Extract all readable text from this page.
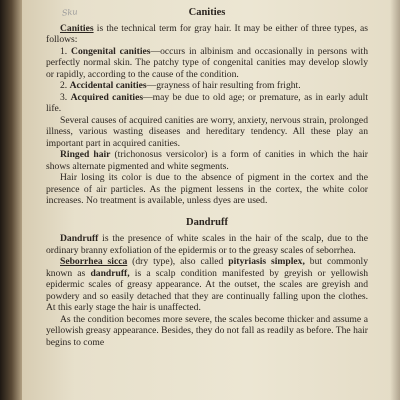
Sku	Canities

Canities is the technical term for gray hair. It may be either of three types, as follows:

1. Congenital canities—occurs in albinism and occasionally in persons with perfectly normal skin. The patchy type of congenital canities may develop slowly or rapidly, according to the cause of the condition.

2. Accidental canities—grayness of hair resulting from fright.

3. Acquired canities—may be due to old age; or premature, as in early adult life.

Several causes of acquired canities are worry, anxiety, nervous strain, prolonged illness, various wasting diseases and hereditary tendency. All these play an important part in acquired canities.

Ringed hair (trichonosus versicolor) is a form of canities in which the hair shows alternate pigmented and white segments.

Hair losing its color is due to the absence of pigment in the cortex and the presence of air particles. As the pigment lessens in the cortex, the white color increases. No treatment is available, unless dyes are used.

Dandruff

Dandruff is the presence of white scales in the hair of the scalp, due to the ordinary branny exfoliation of the epidermis or to the greasy scales of seborrhea.

Seborrhea sicca (dry type), also called pityriasis simplex, but commonly known as dandruff, is a scalp condition manifested by greyish or yellowish epidermic scales of greasy appearance. At the outset, the scales are greyish and powdery and so easily detached that they are continually falling upon the clothes. At this early stage the hair is unaffected.

As the condition becomes more severe, the scales become thicker and assume a yellowish greasy appearance. Besides, they do not fall as readily as before. The hair begins to come
